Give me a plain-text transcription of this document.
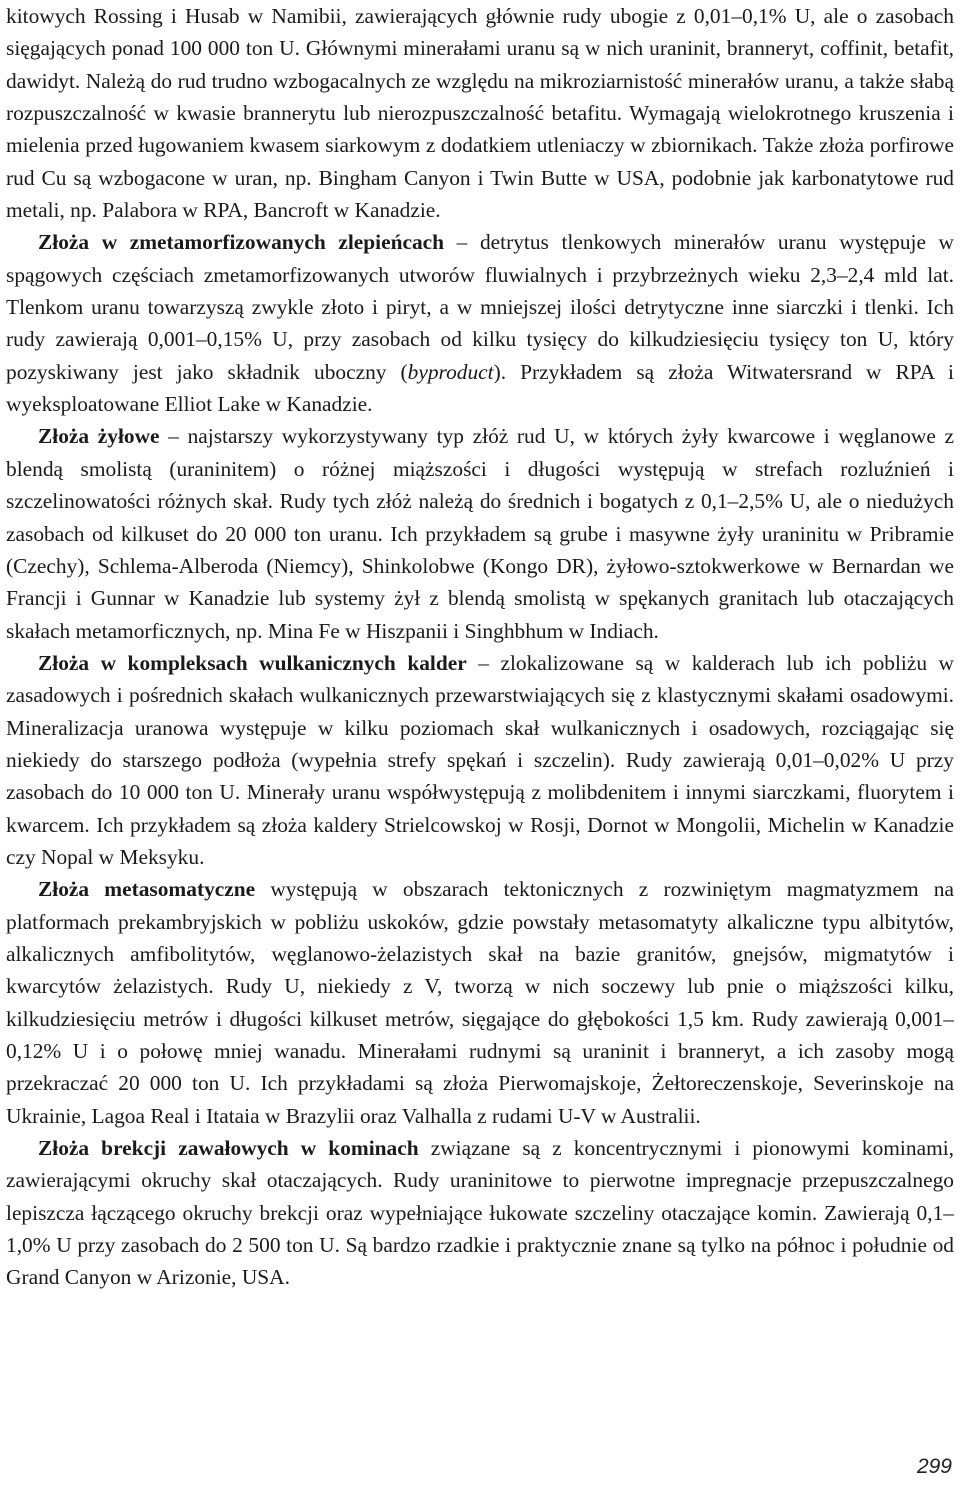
kitowych Rossing i Husab w Namibii, zawierających głównie rudy ubogie z 0,01–0,1% U, ale o zasobach sięgających ponad 100 000 ton U. Głównymi minerałami uranu są w nich uraninit, branneryt, coffinit, betafit, dawidyt. Należą do rud trudno wzbogacalnych ze względu na mikroziarnistość minerałów uranu, a także słabą rozpuszczalność w kwasie brannerytu lub nierozpuszczalność betafitu. Wymagają wielokrotnego kruszenia i mielenia przed ługowaniem kwasem siarkowym z dodatkiem utleniaczy w zbiornikach. Także złoża porfirowe rud Cu są wzbogacone w uran, np. Bingham Canyon i Twin Butte w USA, podobnie jak karbonatytowe rud metali, np. Palabora w RPA, Bancroft w Kanadzie.

Złoża w zmetamorfizowanych zlepieńcach – detrytus tlenkowych minerałów uranu występuje w spągowych częściach zmetamorfizowanych utworów fluwialnych i przybrzeżnych wieku 2,3–2,4 mld lat. Tlenkom uranu towarzyszą zwykle złoto i piryt, a w mniejszej ilości detrytyczne inne siarczki i tlenki. Ich rudy zawierają 0,001–0,15% U, przy zasobach od kilku tysięcy do kilkudziesięciu tysięcy ton U, który pozyskiwany jest jako składnik uboczny (byproduct). Przykładem są złoża Witwatersrand w RPA i wyeksploatowane Elliot Lake w Kanadzie.

Złoża żyłowe – najstarszy wykorzystywany typ złóż rud U, w których żyły kwarcowe i węglanowe z blendą smolistą (uraninitem) o różnej miąższości i długości występują w strefach rozluźnień i szczelinowatości różnych skał. Rudy tych złóż należą do średnich i bogatych z 0,1–2,5% U, ale o niedużych zasobach od kilkuset do 20 000 ton uranu. Ich przykładem są grube i masywne żyły uraninitu w Pribramie (Czechy), Schlema-Alberoda (Niemcy), Shinkolobwe (Kongo DR), żyłowo-sztokwerkowe w Bernardan we Francji i Gunnar w Kanadzie lub systemy żył z blendą smolistą w spękanych granitach lub otaczających skałach metamorficznych, np. Mina Fe w Hiszpanii i Singhbhum w Indiach.

Złoża w kompleksach wulkanicznych kalder – zlokalizowane są w kalderach lub ich pobliżu w zasadowych i pośrednich skałach wulkanicznych przewarstwiających się z klastycznymi skałami osadowymi. Mineralizacja uranowa występuje w kilku poziomach skał wulkanicznych i osadowych, rozciągając się niekiedy do starszego podłoża (wypełnia strefy spękań i szczelin). Rudy zawierają 0,01–0,02% U przy zasobach do 10 000 ton U. Minerały uranu współwystępują z molibdenitem i innymi siarczkami, fluorytem i kwarcem. Ich przykładem są złoża kaldery Strielcowskoj w Rosji, Dornot w Mongolii, Michelin w Kanadzie czy Nopal w Meksyku.

Złoża metasomatyczne występują w obszarach tektonicznych z rozwiniętym magmatyzmem na platformach prekambryjskich w pobliżu uskoków, gdzie powstały metasomatyty alkaliczne typu albitytów, alkalicznych amfibolitytów, węglanowo-żelazistych skał na bazie granitów, gnejsów, migmatytów i kwarcytów żelazistych. Rudy U, niekiedy z V, tworzą w nich soczewy lub pnie o miąższości kilku, kilkudziesięciu metrów i długości kilkuset metrów, sięgające do głębokości 1,5 km. Rudy zawierają 0,001–0,12% U i o połowę mniej wanadu. Minerałami rudnymi są uraninit i branneryt, a ich zasoby mogą przekraczać 20 000 ton U. Ich przykładami są złoża Pierwomajskoje, Żełtoreczenskoje, Severinskoje na Ukrainie, Lagoa Real i Itataia w Brazylii oraz Valhalla z rudami U-V w Australii.

Złoża brekcji zawałowych w kominach związane są z koncentrycznymi i pionowymi kominami, zawierającymi okruchy skał otaczających. Rudy uraninitowe to pierwotne impregnacje przepuszczalnego lepiszcza łączącego okruchy brekcji oraz wypełniające łukowate szczeliny otaczające komin. Zawierają 0,1–1,0% U przy zasobach do 2 500 ton U. Są bardzo rzadkie i praktycznie znane są tylko na północ i południe od Grand Canyon w Arizonie, USA.

299
